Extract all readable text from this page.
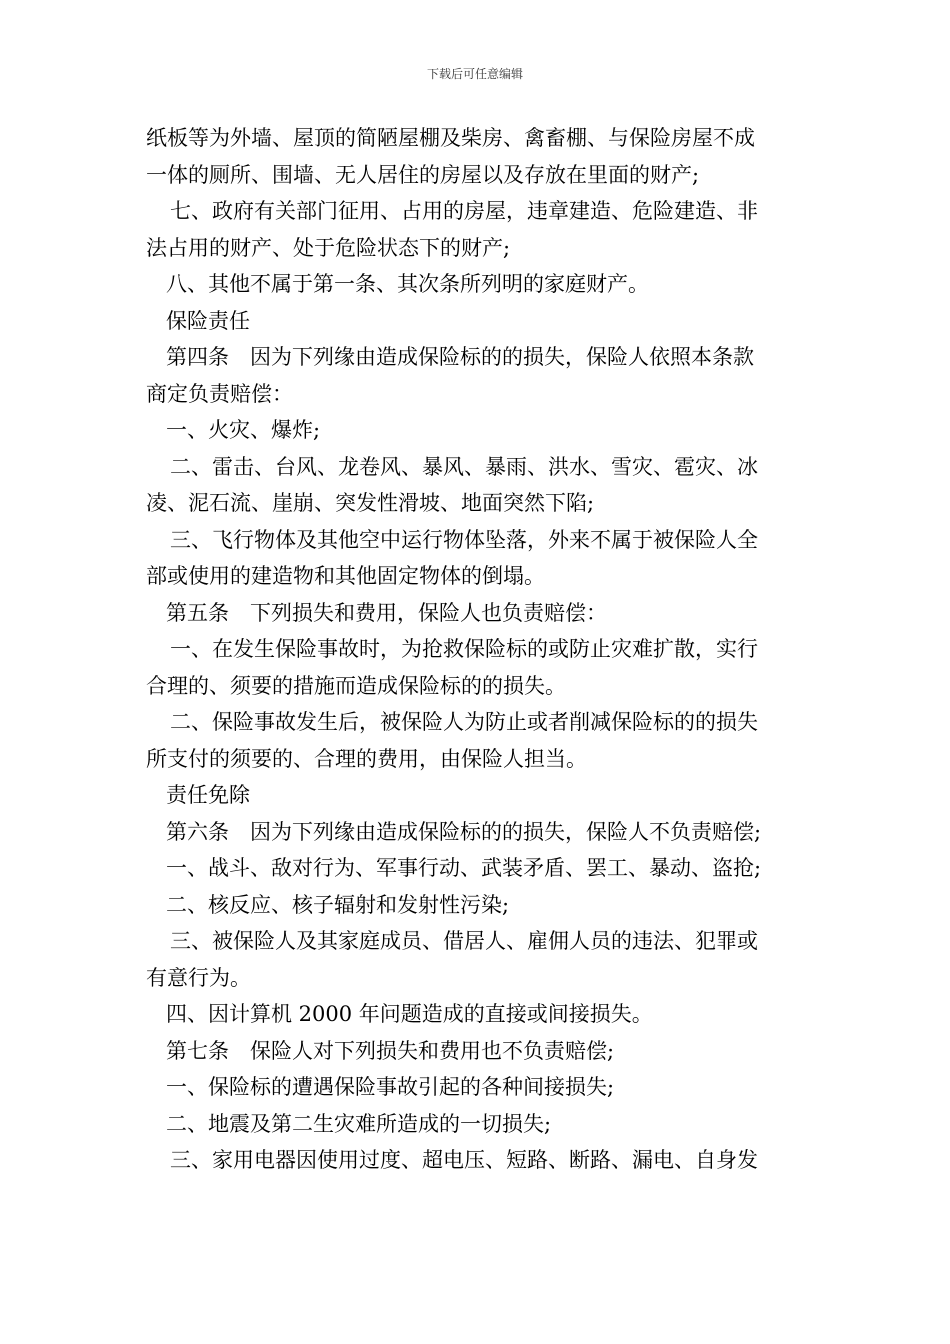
下载后可任意编辑
纸板等为外墙、屋顶的简陋屋棚及柴房、禽畜棚、与保险房屋不成
一体的厕所、围墙、无人居住的房屋以及存放在里面的财产;
七、政府有关部门征用、占用的房屋，违章建造、危险建造、非
法占用的财产、处于危险状态下的财产;
八、其他不属于第一条、其次条所列明的家庭财产。
保险责任
第四条　因为下列缘由造成保险标的的损失，保险人依照本条款
商定负责赔偿：
一、火灾、爆炸;
二、雷击、台风、龙卷风、暴风、暴雨、洪水、雪灾、雹灾、冰
凌、泥石流、崖崩、突发性滑坡、地面突然下陷;
三、飞行物体及其他空中运行物体坠落，外来不属于被保险人全
部或使用的建造物和其他固定物体的倒塌。
第五条　下列损失和费用，保险人也负责赔偿：
一、在发生保险事故时，为抢救保险标的或防止灾难扩散，实行
合理的、须要的措施而造成保险标的的损失。
二、保险事故发生后，被保险人为防止或者削减保险标的的损失
所支付的须要的、合理的费用，由保险人担当。
责任免除
第六条　因为下列缘由造成保险标的的损失，保险人不负责赔偿;
一、战斗、敌对行为、军事行动、武装矛盾、罢工、暴动、盗抢;
二、核反应、核子辐射和发射性污染;
三、被保险人及其家庭成员、借居人、雇佣人员的违法、犯罪或
有意行为。
四、因计算机 2000 年问题造成的直接或间接损失。
第七条　保险人对下列损失和费用也不负责赔偿;
一、保险标的遭遇保险事故引起的各种间接损失;
二、地震及第二生灾难所造成的一切损失;
三、家用电器因使用过度、超电压、短路、断路、漏电、自身发
